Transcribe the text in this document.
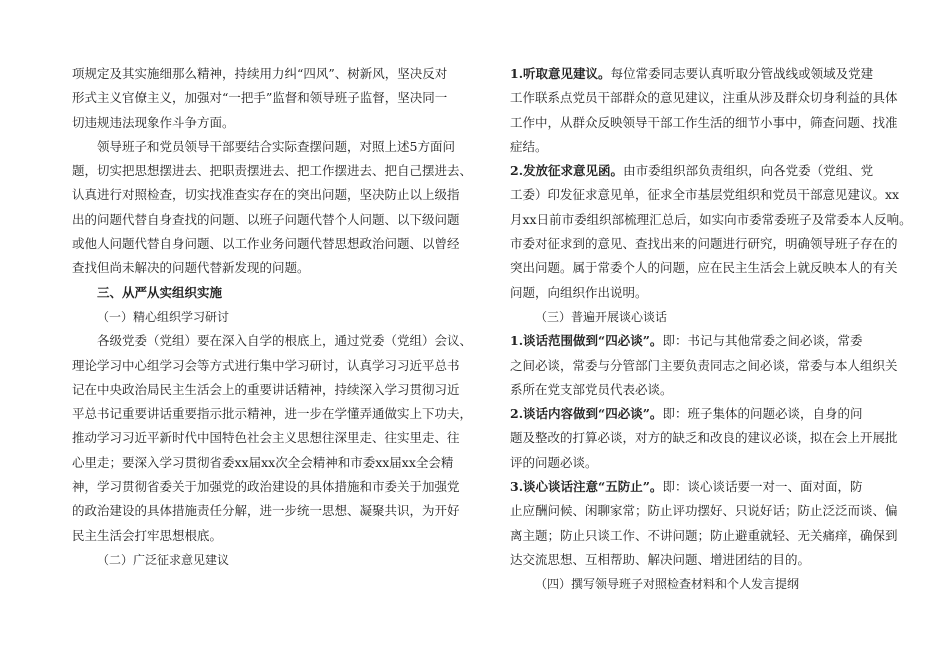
项规定及其实施细那么精神，持续用力纠“四风”、树新风，坚决反对
形式主义官僚主义，加强对“一把手”监督和领导班子监督，坚决同一
切违规违法现象作斗争方面。
领导班子和党员领导干部要结合实际查摆问题，对照上述5方面问
题，切实把思想摆进去、把职责摆进去、把工作摆进去、把自己摆进去、
认真进行对照检查，切实找准查实存在的突出问题，坚决防止以上级指
出的问题代替自身查找的问题、以班子问题代替个人问题、以下级问题
或他人问题代替自身问题、以工作业务问题代替思想政治问题、以曾经
查找但尚未解决的问题代替新发现的问题。
三、从严从实组织实施
（一）精心组织学习研讨
各级党委（党组）要在深入自学的根底上，通过党委（党组）会议、
理论学习中心组学习会等方式进行集中学习研讨，认真学习习近平总书
记在中央政治局民主生活会上的重要讲话精神，持续深入学习贯彻习近
平总书记重要讲话重要指示批示精神，进一步在学懂弄通做实上下功夫，
推动学习习近平新时代中国特色社会主义思想往深里走、往实里走、往
心里走；要深入学习贯彻省委xx届xx次全会精神和市委xx届xx全会精
神，学习贯彻省委关于加强党的政治建设的具体措施和市委关于加强党
的政治建设的具体措施责任分解，进一步统一思想、凝聚共识，为开好
民主生活会打牢思想根底。
（二）广泛征求意见建议
1.听取意见建议。每位常委同志要认真听取分管战线或领域及党建
工作联系点党员干部群众的意见建议，注重从涉及群众切身利益的具体
工作中，从群众反映领导干部工作生活的细节小事中，筛查问题、找准
症结。
2.发放征求意见函。由市委组织部负责组织，向各党委（党组、党
工委）印发征求意见单，征求全市基层党组织和党员干部意见建议。xx
月xx日前市委组织部梳理汇总后，如实向市委常委班子及常委本人反响。
市委对征求到的意见、查找出来的问题进行研究，明确领导班子存在的
突出问题。属于常委个人的问题，应在民主生活会上就反映本人的有关
问题，向组织作出说明。
（三）普遍开展谈心谈话
1.谈话范围做到“四必谈”。即：书记与其他常委之间必谈，常委
之间必谈，常委与分管部门主要负责同志之间必谈，常委与本人组织关
系所在党支部党员代表必谈。
2.谈话内容做到“四必谈”。即：班子集体的问题必谈，自身的问
题及整改的打算必谈，对方的缺乏和改良的建议必谈，拟在会上开展批
评的问题必谈。
3.谈心谈话注意“五防止”。即：谈心谈话要一对一、面对面，防
止应酬问候、闲聊家常；防止评功摆好、只说好话；防止泛泛而谈、偏
离主题；防止只谈工作、不讲问题；防止避重就轻、无关痛痒，确保到
达交流思想、互相帮助、解决问题、增进团结的目的。
（四）撰写领导班子对照检查材料和个人发言提纲
